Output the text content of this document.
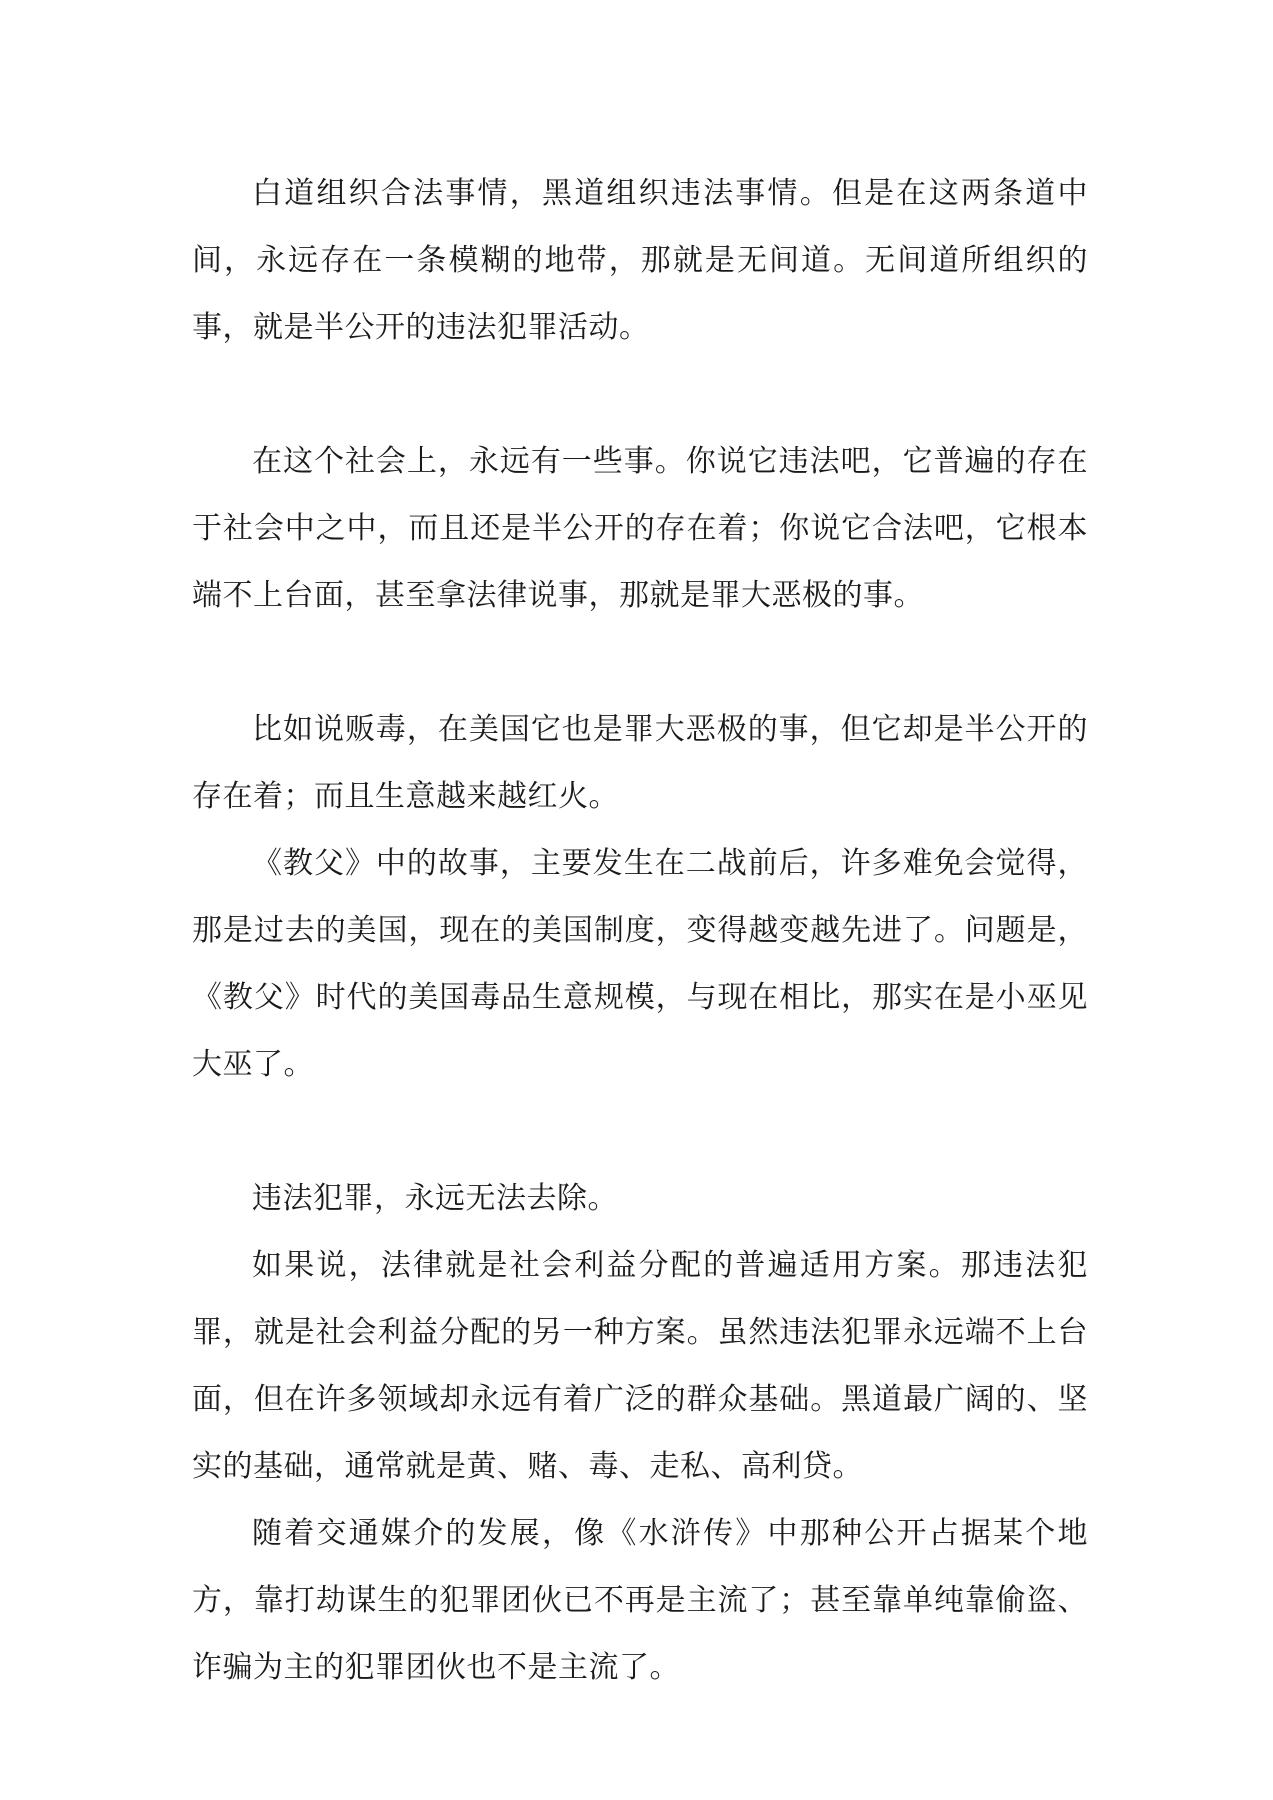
白道组织合法事情，黑道组织违法事情。但是在这两条道中间，永远存在一条模糊的地带，那就是无间道。无间道所组织的事，就是半公开的违法犯罪活动。

在这个社会上，永远有一些事。你说它违法吧，它普遍的存在于社会中之中，而且还是半公开的存在着；你说它合法吧，它根本端不上台面，甚至拿法律说事，那就是罪大恶极的事。

比如说贩毒，在美国它也是罪大恶极的事，但它却是半公开的存在着；而且生意越来越红火。

《教父》中的故事，主要发生在二战前后，许多难免会觉得，那是过去的美国，现在的美国制度，变得越变越先进了。问题是，《教父》时代的美国毒品生意规模，与现在相比，那实在是小巫见大巫了。

违法犯罪，永远无法去除。

如果说，法律就是社会利益分配的普遍适用方案。那违法犯罪，就是社会利益分配的另一种方案。虽然违法犯罪永远端不上台面，但在许多领域却永远有着广泛的群众基础。黑道最广阔的、坚实的基础，通常就是黄、赌、毒、走私、高利贷。

随着交通媒介的发展，像《水浒传》中那种公开占据某个地方，靠打劫谋生的犯罪团伙已不再是主流了；甚至靠单纯靠偷盗、诈骗为主的犯罪团伙也不是主流了。
